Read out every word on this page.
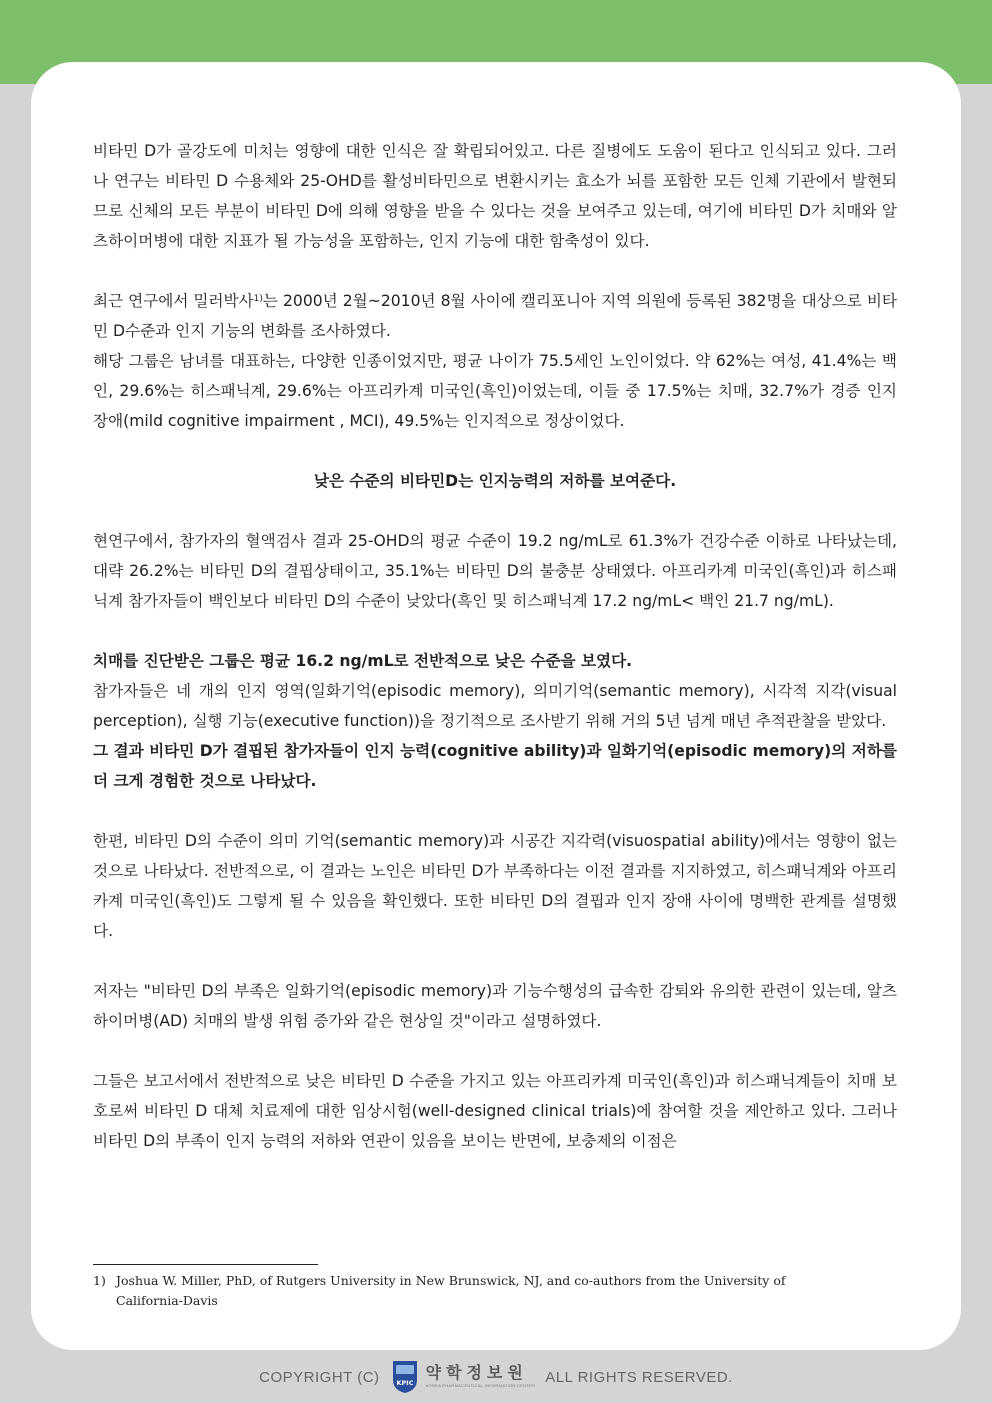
비타민 D가 골강도에 미치는 영향에 대한 인식은 잘 확립되어있고. 다른 질병에도 도움이 된다고 인식되고 있다. 그러나 연구는 비타민 D 수용체와 25-OHD를 활성비타민으로 변환시키는 효소가 뇌를 포함한 모든 인체 기관에서 발현되므로 신체의 모든 부분이 비타민 D에 의해 영향을 받을 수 있다는 것을 보여주고 있는데, 여기에 비타민 D가 치매와 알츠하이머병에 대한 지표가 될 가능성을 포함하는, 인지 기능에 대한 함축성이 있다.

최근 연구에서 밀러박사$^{1)}$는 2000년 2월~2010년 8월 사이에 캘리포니아 지역 의원에 등록된 382명을 대상으로 비타민 D수준과 인지 기능의 변화를 조사하였다.

해당 그룹은 남녀를 대표하는, 다양한 인종이었지만, 평균 나이가 75.5세인 노인이었다. 약 62%는 여성, 41.4%는 백인, 29.6%는 히스패닉계, 29.6%는 아프리카계 미국인(흑인)이었는데, 이들 중 17.5%는 치매, 32.7%가 경증 인지 장애(mild cognitive impairment , MCI), 49.5%는 인지적으로 정상이었다.

낮은 수준의 비타민D는 인지능력의 저하를 보여준다.

현연구에서, 참가자의 혈액검사 결과 25-OHD의 평균 수준이 19.2 ng/mL로 61.3%가 건강수준 이하로 나타났는데, 대략 26.2%는 비타민 D의 결핍상태이고, 35.1%는 비타민 D의 불충분 상태였다. 아프리카계 미국인(흑인)과 히스패닉계 참가자들이 백인보다 비타민 D의 수준이 낮았다(흑인 및 히스패닉계 17.2 ng/mL< 백인 21.7 ng/mL).

치매를 진단받은 그룹은 평균 16.2 ng/mL로 전반적으로 낮은 수준을 보였다.

참가자들은 네 개의 인지 영역(일화기억(episodic memory), 의미기억(semantic memory), 시각적 지각(visual perception), 실행 기능(executive function))을 정기적으로 조사받기 위해 거의 5년 넘게 매년 추적관찰을 받았다.

그 결과 비타민 D가 결핍된 참가자들이 인지 능력(cognitive ability)과 일화기억(episodic memory)의 저하를 더 크게 경험한 것으로 나타났다.

한편, 비타민 D의 수준이 의미 기억(semantic memory)과 시공간 지각력(visuospatial ability)에서는 영향이 없는 것으로 나타났다. 전반적으로, 이 결과는 노인은 비타민 D가 부족하다는 이전 결과를 지지하였고, 히스패닉계와 아프리카계 미국인(흑인)도 그렇게 될 수 있음을 확인했다. 또한 비타민 D의 결핍과 인지 장애 사이에 명백한 관계를 설명했다.

저자는 "비타민 D의 부족은 일화기억(episodic memory)과 기능수행성의 급속한 감퇴와 유의한 관련이 있는데, 알츠하이머병(AD) 치매의 발생 위험 증가와 같은 현상일 것"이라고 설명하였다.

그들은 보고서에서 전반적으로 낮은 비타민 D 수준을 가지고 있는 아프리카계 미국인(흑인)과 히스패닉계들이 치매 보호로써 비타민 D 대체 치료제에 대한 임상시험(well-designed clinical trials)에 참여할 것을 제안하고 있다. 그러나 비타민 D의 부족이 인지 능력의 저하와 연관이 있음을 보이는 반면에, 보충제의 이점은

1) Joshua W. Miller, PhD, of Rutgers University in New Brunswick, NJ, and co-authors from the University of
California-Davis
COPYRIGHT (C)	KPIC
약학정보원
KOREA PHARMACEUTICAL INFORMATION CENTER ALL RIGHTS RESERVED.
